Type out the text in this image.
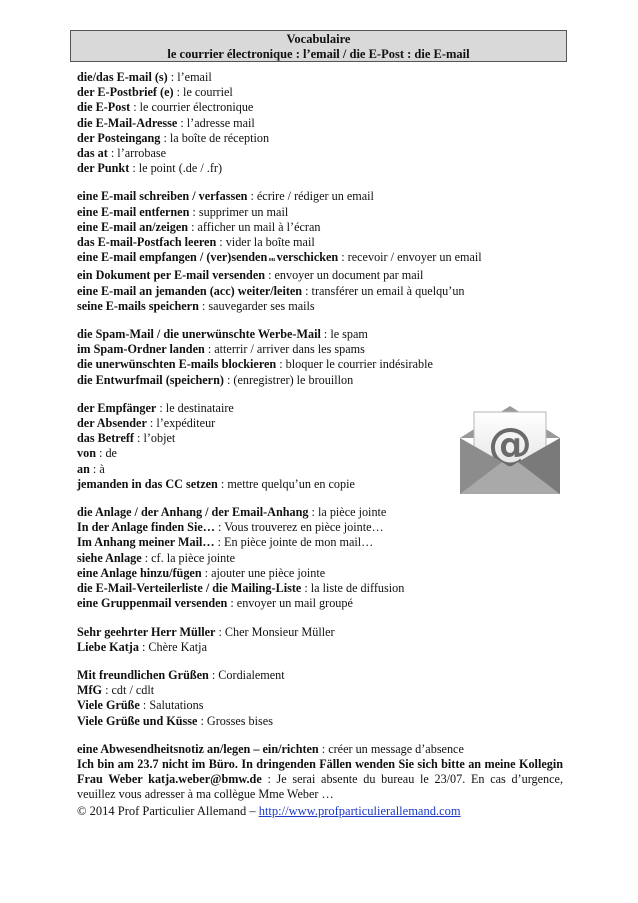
Vocabulaire
le courrier électronique : l’email / die E-Post : die E-mail
die/das E-mail (s) : l’email
der E-Postbrief (e) : le courriel
die E-Post : le courrier électronique
die E-Mail-Adresse : l’adresse mail
der Posteingang : la boîte de réception
das at : l’arrobase
der Punkt : le point (.de / .fr)
eine E-mail schreiben / verfassen : écrire / rédiger un email
eine E-mail entfernen : supprimer un mail
eine E-mail an/zeigen : afficher un mail à l’écran
das E-mail-Postfach leeren : vider la boîte mail
eine E-mail empfangen / (ver)senden ou verschicken : recevoir / envoyer un email
ein Dokument per E-mail versenden : envoyer un document par mail
eine E-mail an jemanden (acc) weiter/leiten : transférer un email à quelqu’un
seine E-mails speichern : sauvegarder ses mails
die Spam-Mail / die unerwünschte Werbe-Mail : le spam
im Spam-Ordner landen : atterrir / arriver dans les spams
die unerwünschten E-mails blockieren : bloquer le courrier indésirable
die Entwurfmail (speichern) : (enregistrer) le brouillon
der Empfänger : le destinataire
der Absender : l’expéditeur
das Betreff : l’objet
von : de
an : à
jemanden in das CC setzen : mettre quelqu’un en copie
die Anlage / der Anhang / der Email-Anhang : la pièce jointe
In der Anlage finden Sie… : Vous trouverez en pièce jointe…
Im Anhang meiner Mail… : En pièce jointe de mon mail…
siehe Anlage : cf. la pièce jointe
eine Anlage hinzu/fügen : ajouter une pièce jointe
die E-Mail-Verteilerliste / die Mailing-Liste : la liste de diffusion
eine Gruppenmail versenden : envoyer un mail groupé
Sehr geehrter Herr Müller : Cher Monsieur Müller
Liebe Katja : Chère Katja
Mit freundlichen Grüßen : Cordialement
MfG : cdt / cdlt
Viele Grüße : Salutations
Viele Grüße und Küsse : Grosses bises
eine Abwesendheitsnotiz an/legen – ein/richten : créer un message d’absence
Ich bin am 23.7 nicht im Büro. In dringenden Fällen wenden Sie sich bitte an meine Kollegin Frau Weber katja.weber@bmw.de : Je serai absente du bureau le 23/07. En cas d’urgence, veuillez vous adresser à ma collègue Mme Weber …
@
© 2014 Prof Particulier Allemand – http://www.profparticulierallemand.com
